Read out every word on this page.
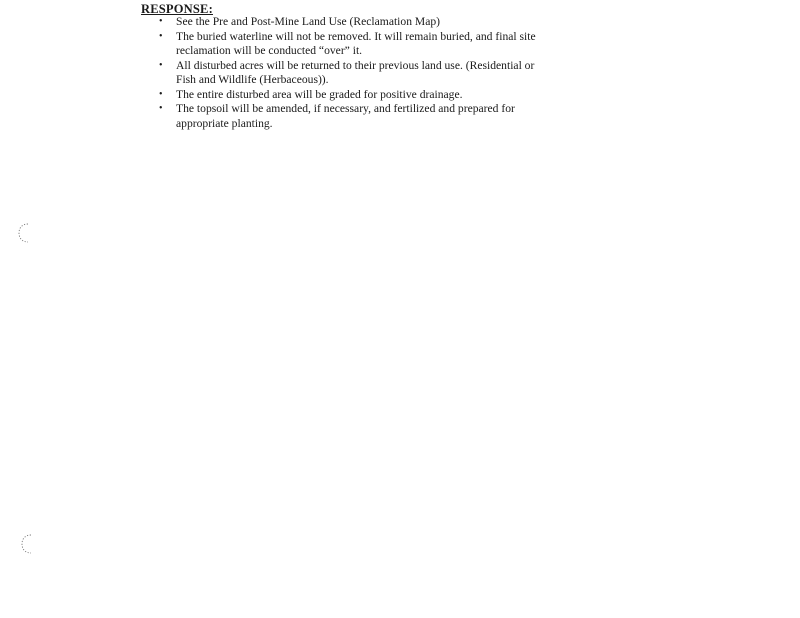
RESPONSE:
• See the Pre and Post-Mine Land Use (Reclamation Map)
• The buried waterline will not be removed. It will remain buried, and final site reclamation will be conducted “over” it.
• All disturbed acres will be returned to their previous land use. (Residential or Fish and Wildlife (Herbaceous)).
• The entire disturbed area will be graded for positive drainage.
• The topsoil will be amended, if necessary, and fertilized and prepared for appropriate planting.
